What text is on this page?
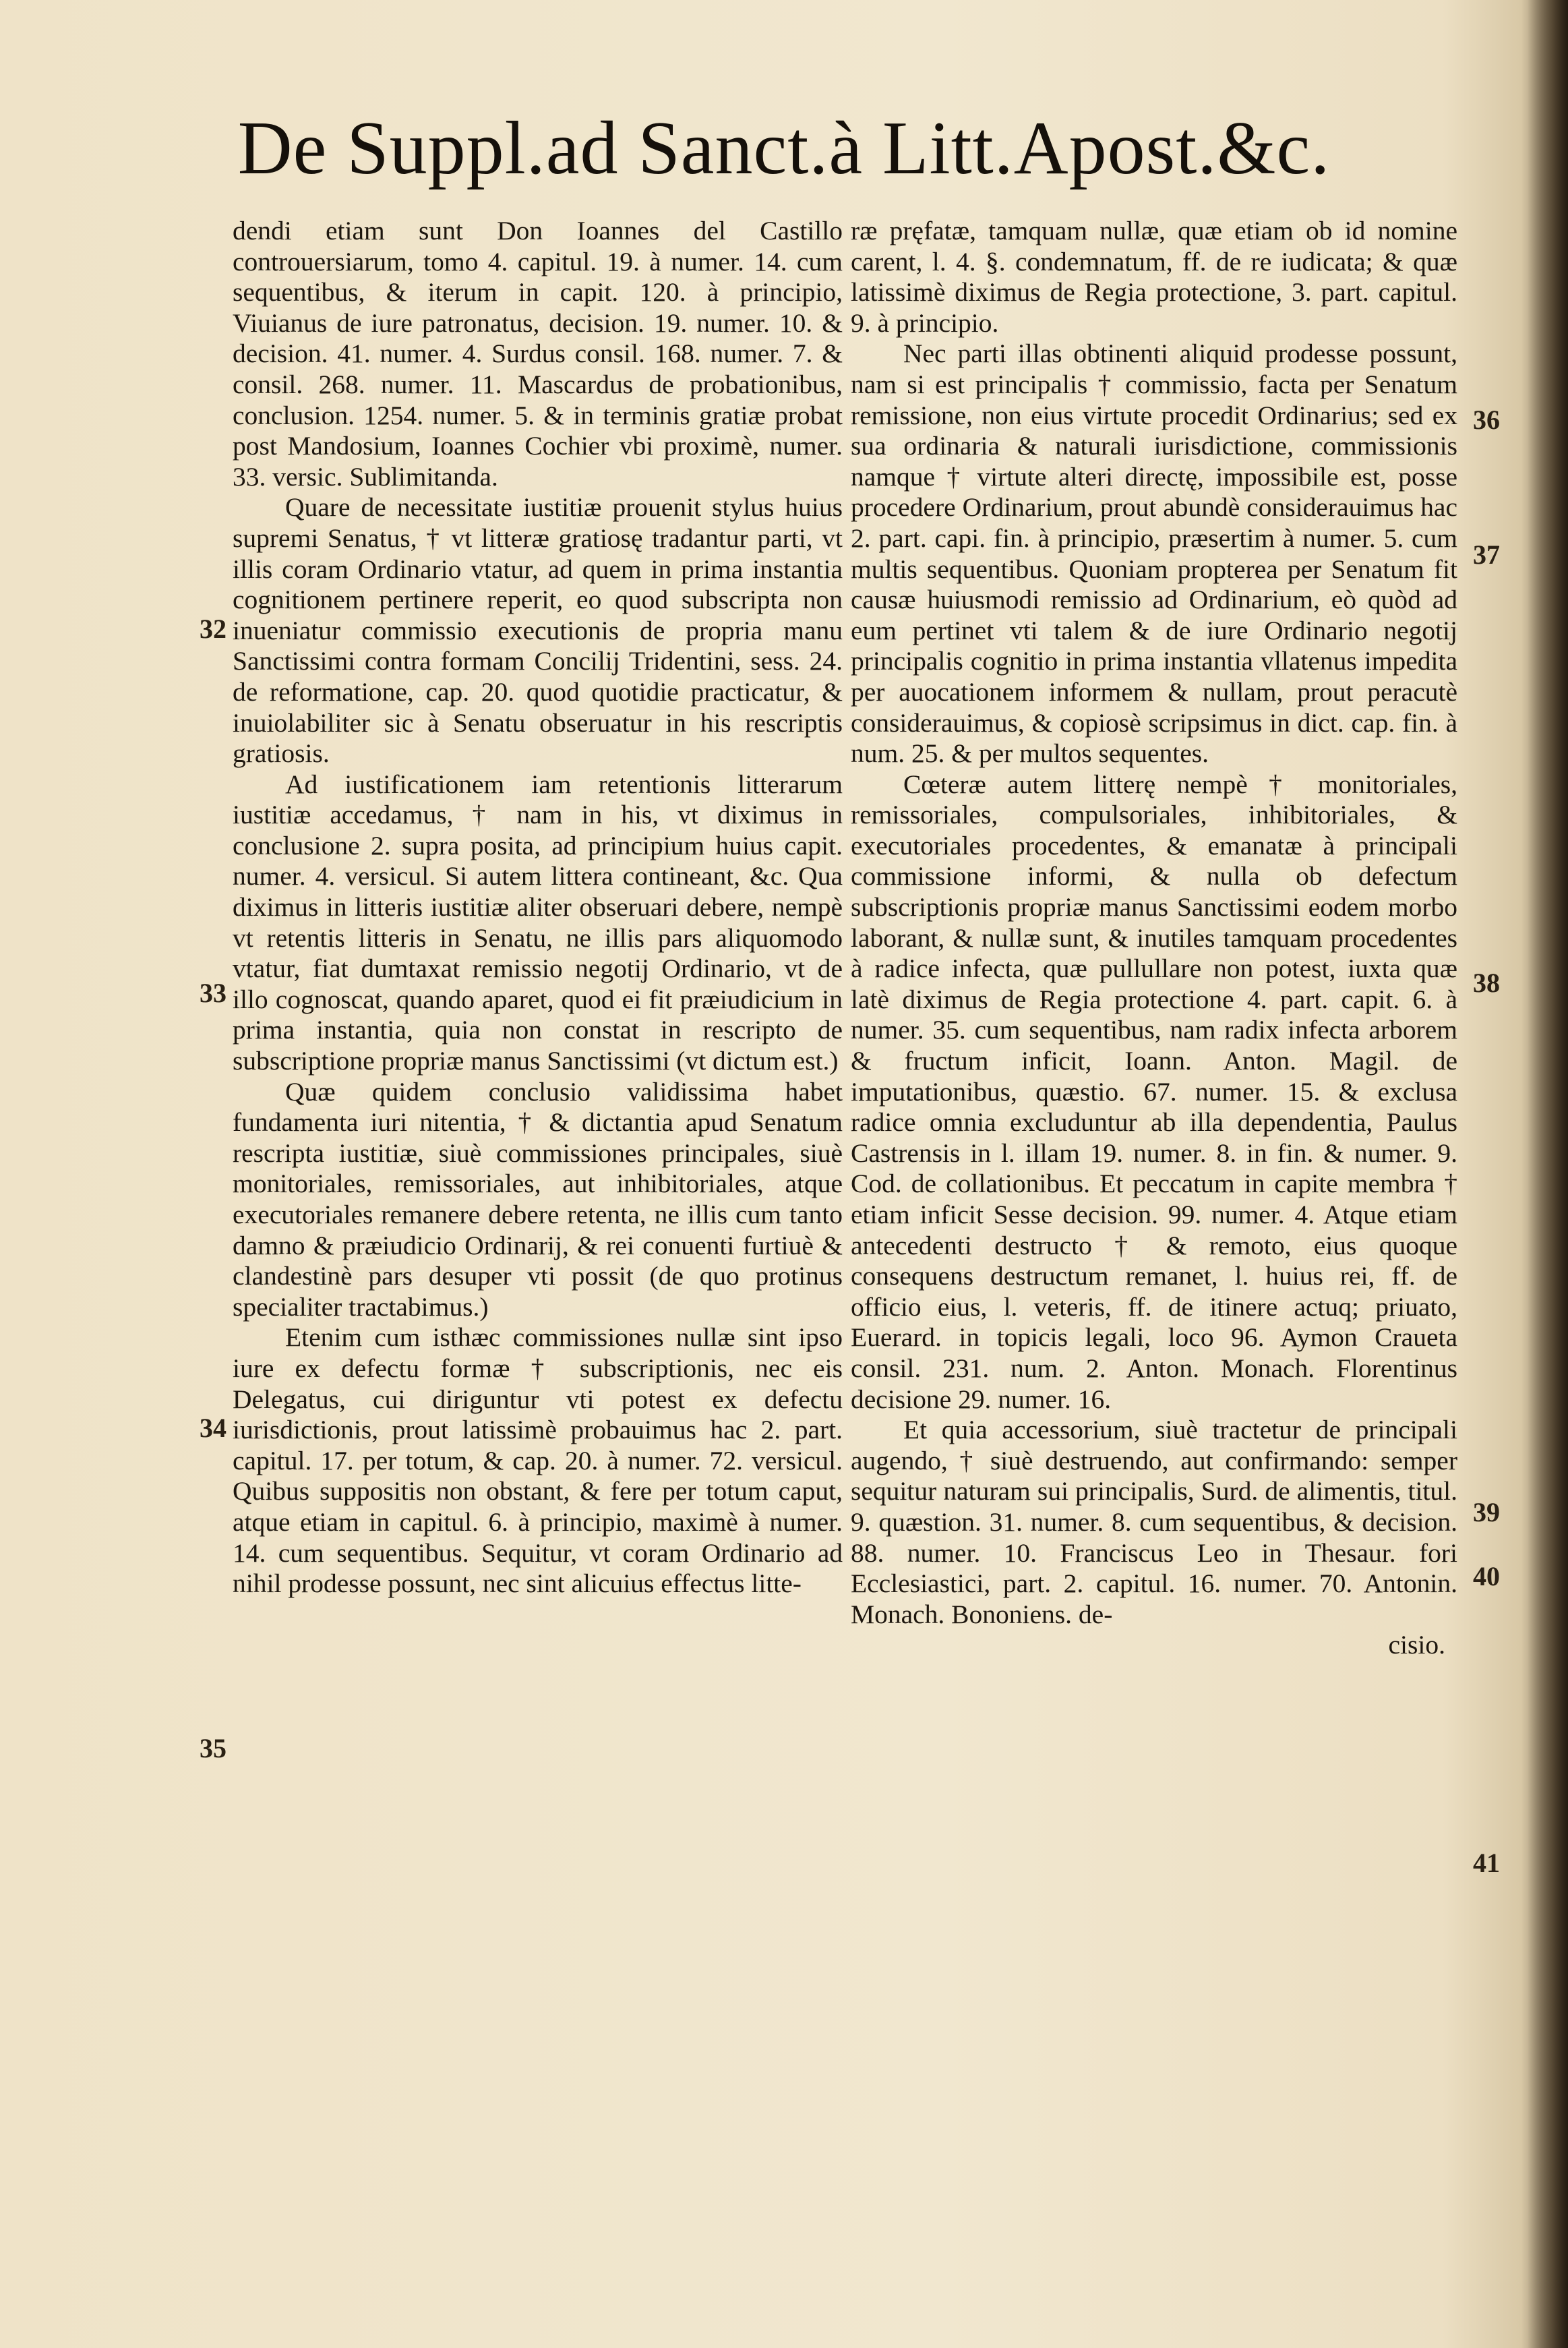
De Suppl.ad Sanct.à Litt.Apost.&c.

dendi etiam sunt Don Ioannes del Castillo controuersiarum, tomo 4. capitul. 19. à numer. 14. cum sequentibus, & iterum in capit. 120. à principio, Viuianus de iure patronatus, decision. 19. numer. 10. & decision. 41. numer. 4. Surdus consil. 168. numer. 7. & consil. 268. numer. 11. Mascardus de probationibus, conclusion. 1254. numer. 5. & in terminis gratiæ probat post Mandosium, Ioannes Cochier vbi proximè, numer. 33. versic. Sublimitanda.

Quare de necessitate iustitiæ prouenit stylus huius supremi Senatus, † vt litteræ gratiosę tradantur parti, vt illis coram Ordinario vtatur, ad quem in prima instantia cognitionem pertinere reperit, eo quod subscripta non inueniatur commissio executionis de propria manu Sanctissimi contra formam Concilij Tridentini, sess. 24. de reformatione, cap. 20. quod quotidie practicatur, & inuiolabiliter sic à Senatu obseruatur in his rescriptis gratiosis.

Ad iustificationem iam retentionis litterarum iustitiæ accedamus, † nam in his, vt diximus in conclusione 2. supra posita, ad principium huius capit. numer. 4. versicul. Si autem littera contineant, &c. Qua diximus in litteris iustitiæ aliter obseruari debere, nempè vt retentis litteris in Senatu, ne illis pars aliquomodo vtatur, fiat dumtaxat remissio negotij Ordinario, vt de illo cognoscat, quando aparet, quod ei fit præiudicium in prima instantia, quia non constat in rescripto de subscriptione propriæ manus Sanctissimi (vt dictum est.)

Quæ quidem conclusio validissima habet fundamenta iuri nitentia, † & dictantia apud Senatum rescripta iustitiæ, siuè commissiones principales, siuè monitoriales, remissoriales, aut inhibitoriales, atque executoriales remanere debere retenta, ne illis cum tanto damno & præiudicio Ordinarij, & rei conuenti furtiuè & clandestinè pars desuper vti possit (de quo protinus specialiter tractabimus.)

Etenim cum isthæc commissiones nullæ sint ipso iure ex defectu formæ † subscriptionis, nec eis Delegatus, cui diriguntur vti potest ex defectu iurisdictionis, prout latissimè probauimus hac 2. part. capitul. 17. per totum, & cap. 20. à numer. 72. versicul. Quibus suppositis non obstant, & fere per totum caput, atque etiam in capitul. 6. à principio, maximè à numer. 14. cum sequentibus. Sequitur, vt coram Ordinario ad nihil prodesse possunt, nec sint alicuius effectus litte-

ræ pręfatæ, tamquam nullæ, quæ etiam ob id nomine carent, l. 4. §. condemnatum, ff. de re iudicata; & quæ latissimè diximus de Regia protectione, 3. part. capitul. 9. à principio.

Nec parti illas obtinenti aliquid prodesse possunt, nam si est principalis † commissio, facta per Senatum remissione, non eius virtute procedit Ordinarius; sed ex sua ordinaria & naturali iurisdictione, commissionis namque † virtute alteri directę, impossibile est, posse procedere Ordinarium, prout abundè considerauimus hac 2. part. capi. fin. à principio, præsertim à numer. 5. cum multis sequentibus. Quoniam propterea per Senatum fit causæ huiusmodi remissio ad Ordinarium, eò quòd ad eum pertinet vti talem & de iure Ordinario negotij principalis cognitio in prima instantia vllatenus impedita per auocationem informem & nullam, prout peracutè considerauimus, & copiosè scripsimus in dict. cap. fin. à num. 25. & per multos sequentes.

Cœteræ autem litterę nempè † monitoriales, remissoriales, compulsoriales, inhibitoriales, & executoriales procedentes, & emanatæ à principali commissione informi, & nulla ob defectum subscriptionis propriæ manus Sanctissimi eodem morbo laborant, & nullæ sunt, & inutiles tamquam procedentes à radice infecta, quæ pullullare non potest, iuxta quæ latè diximus de Regia protectione 4. part. capit. 6. à numer. 35. cum sequentibus, nam radix infecta arborem & fructum inficit, Ioann. Anton. Magil. de imputationibus, quæstio. 67. numer. 15. & exclusa radice omnia excluduntur ab illa dependentia, Paulus Castrensis in l. illam 19. numer. 8. in fin. & numer. 9. Cod. de collationibus. Et peccatum in capite membra † etiam inficit Sesse decision. 99. numer. 4. Atque etiam antecedenti destructo † & remoto, eius quoque consequens destructum remanet, l. huius rei, ff. de officio eius, l. veteris, ff. de itinere actuq; priuato, Euerard. in topicis legali, loco 96. Aymon Craueta consil. 231. num. 2. Anton. Monach. Florentinus decisione 29. numer. 16.

Et quia accessorium, siuè tractetur de principali augendo, † siuè destruendo, aut confirmando: semper sequitur naturam sui principalis, Surd. de alimentis, titul. 9. quæstion. 31. numer. 8. cum sequentibus, & decision. 88. numer. 10. Franciscus Leo in Thesaur. fori Ecclesiastici, part. 2. capitul. 16. numer. 70. Antonin. Monach. Bononiens. de-

cisio.

32
33
34
35
36
37
38
39
40
41
